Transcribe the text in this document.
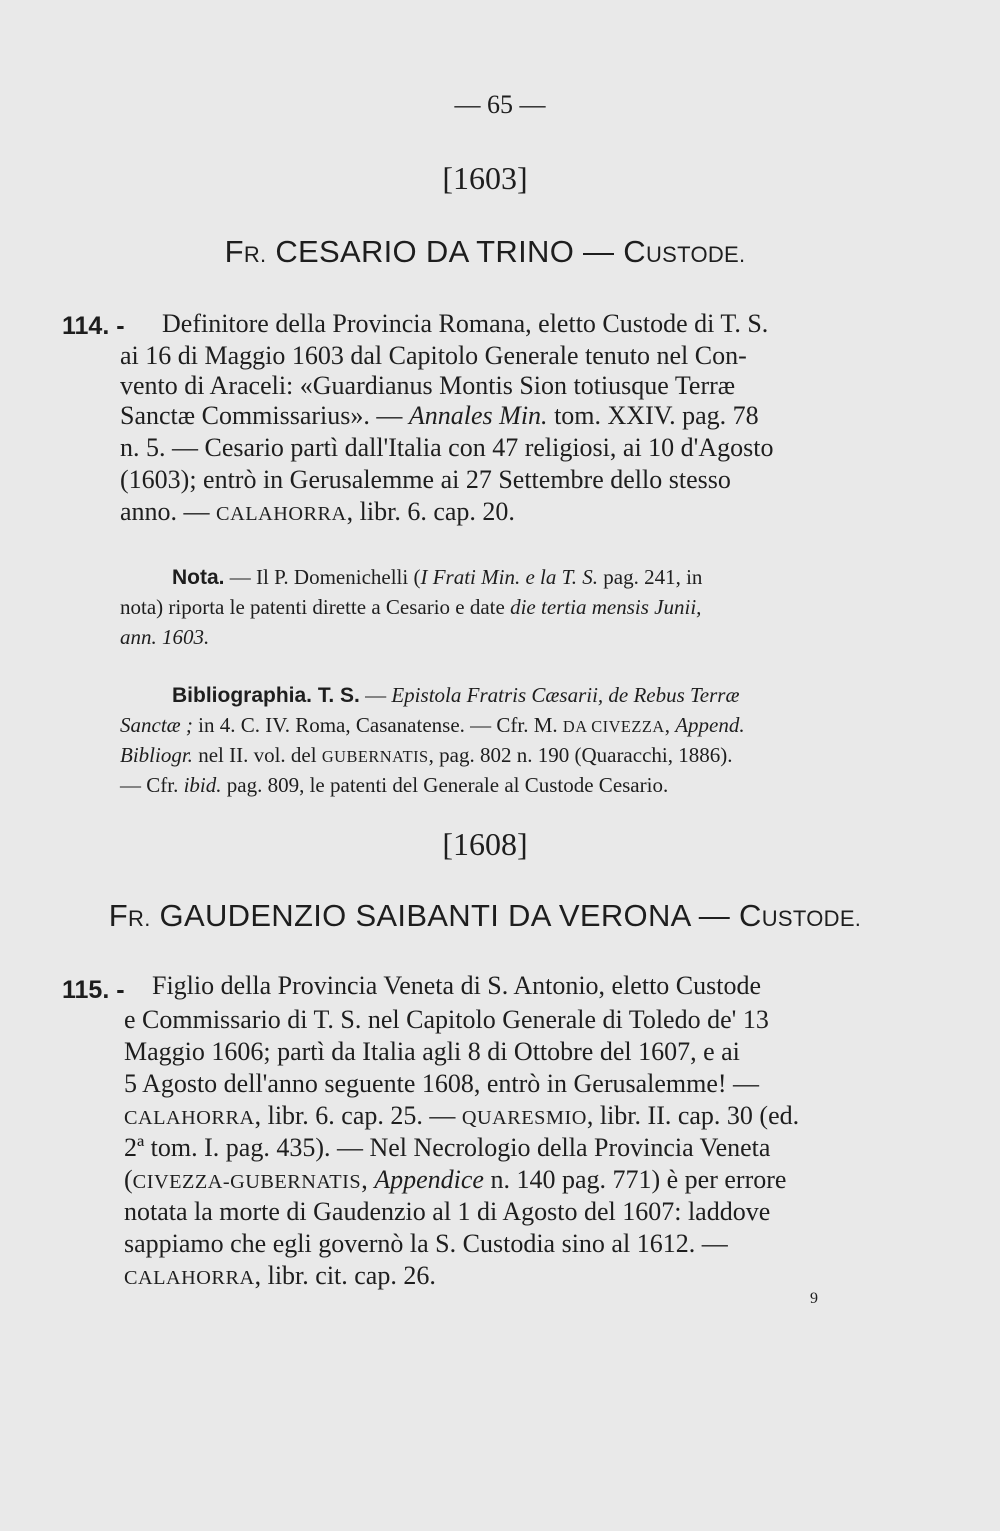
— 65 —
[1603]
FR. CESARIO DA TRINO — CUSTODE.
114. - Definitore della Provincia Romana, eletto Custode di T. S.
ai 16 di Maggio 1603 dal Capitolo Generale tenuto nel Con-
vento di Araceli: «Guardianus Montis Sion totiusque Terræ
Sanctæ Commissarius». — Annales Min. tom. XXIV. pag. 78
n. 5. — Cesario partì dall'Italia con 47 religiosi, ai 10 d'Agosto
(1603); entrò in Gerusalemme ai 27 Settembre dello stesso
anno. — CALAHORRA, libr. 6. cap. 20.
Nota. — Il P. Domenichelli (I Frati Min. e la T. S. pag. 241, in
nota) riporta le patenti dirette a Cesario e date die tertia mensis Junii,
ann. 1603.
Bibliographia. T. S. — Epistola Fratris Cæsarii, de Rebus Terræ
Sanctæ ; in 4. C. IV. Roma, Casanatense. — Cfr. M. DA CIVEZZA, Append.
Bibliogr. nel II. vol. del GUBERNATIS, pag. 802 n. 190 (Quaracchi, 1886).
— Cfr. ibid. pag. 809, le patenti del Generale al Custode Cesario.
[1608]
FR. GAUDENZIO SAIBANTI DA VERONA — CUSTODE.
115. - Figlio della Provincia Veneta di S. Antonio, eletto Custode
e Commissario di T. S. nel Capitolo Generale di Toledo de' 13
Maggio 1606; partì da Italia agli 8 di Ottobre del 1607, e ai
5 Agosto dell'anno seguente 1608, entrò in Gerusalemme! —
CALAHORRA, libr. 6. cap. 25. — QUARESMIO, libr. II. cap. 30 (ed.
2ª tom. I. pag. 435). — Nel Necrologio della Provincia Veneta
(CIVEZZA-GUBERNATIS, Appendice n. 140 pag. 771) è per errore
notata la morte di Gaudenzio al 1 di Agosto del 1607: laddove
sappiamo che egli governò la S. Custodia sino al 1612. —
CALAHORRA, libr. cit. cap. 26.
9
